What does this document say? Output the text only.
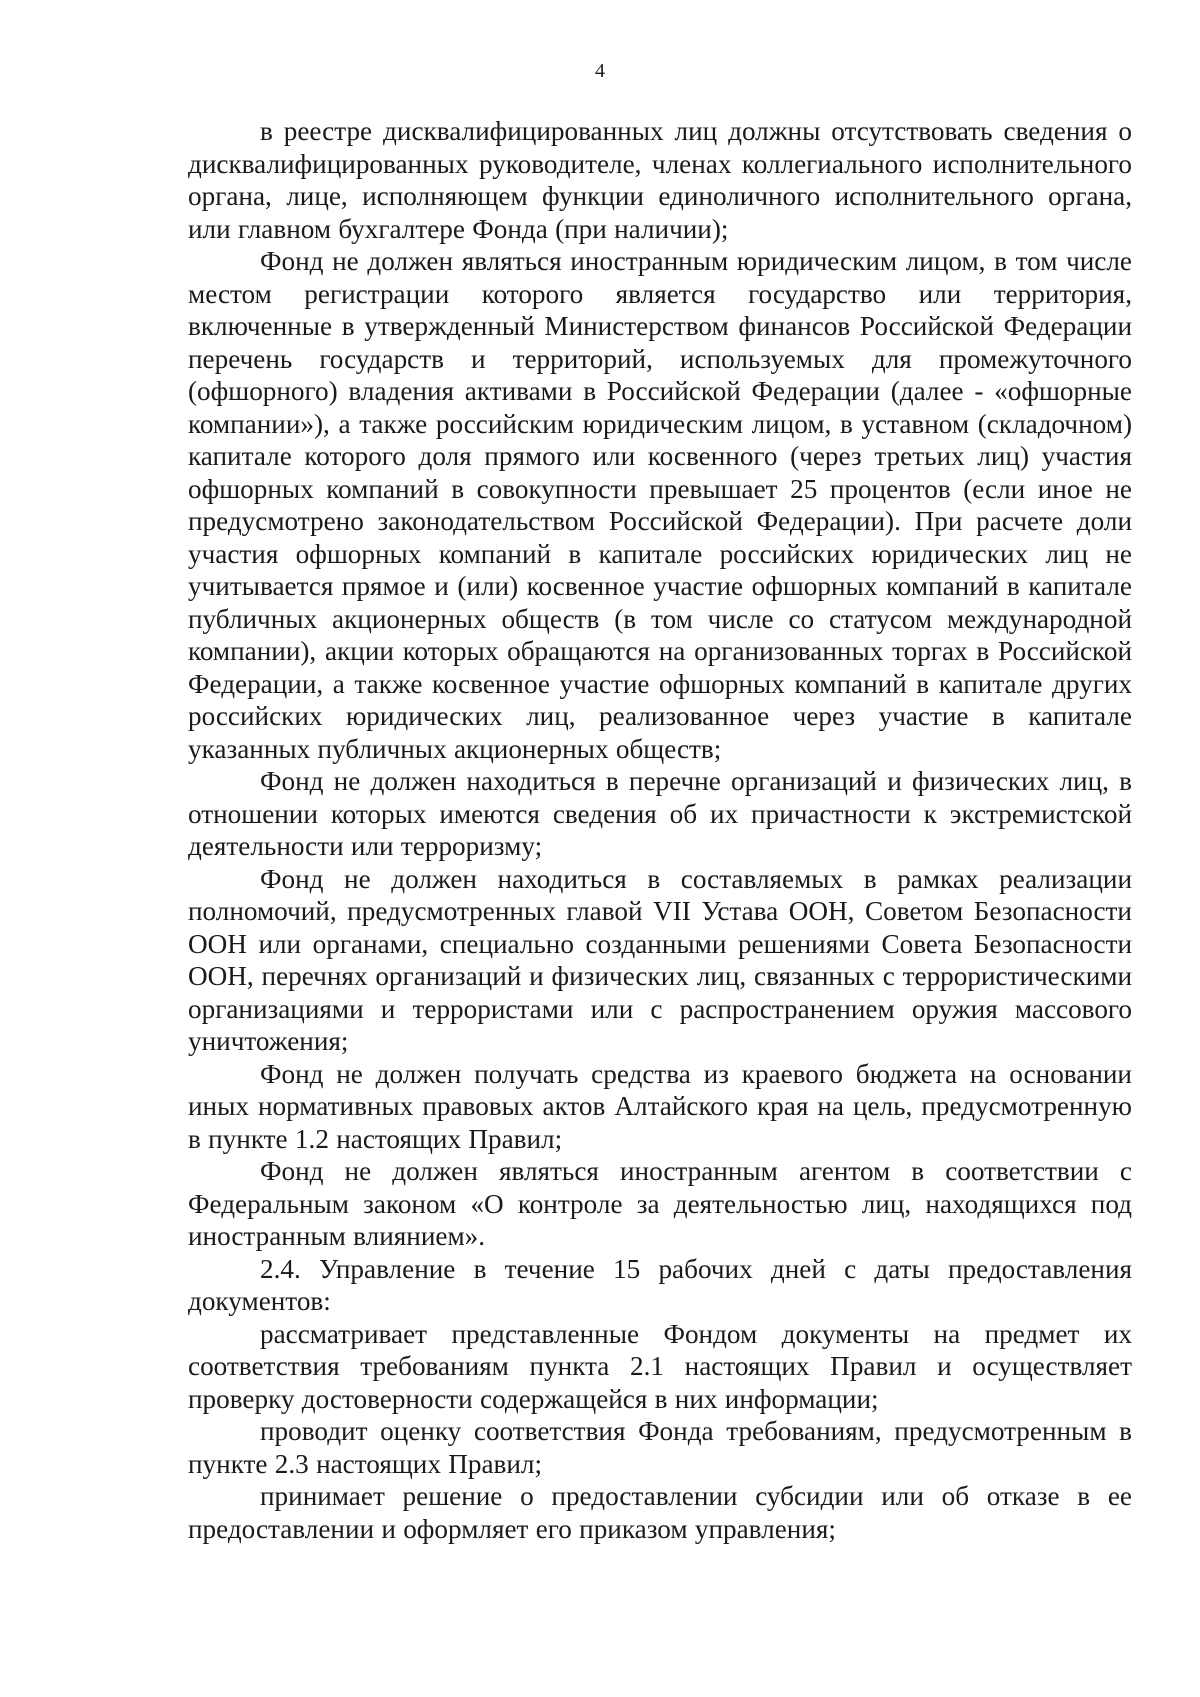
4

в реестре дисквалифицированных лиц должны отсутствовать сведения о дисквалифицированных руководителе, членах коллегиального исполнительного органа, лице, исполняющем функции единоличного исполнительного органа, или главном бухгалтере Фонда (при наличии);

Фонд не должен являться иностранным юридическим лицом, в том числе местом регистрации которого является государство или территория, включенные в утвержденный Министерством финансов Российской Федерации перечень государств и территорий, используемых для промежуточного (офшорного) владения активами в Российской Федерации (далее - «офшорные компании»), а также российским юридическим лицом, в уставном (складочном) капитале которого доля прямого или косвенного (через третьих лиц) участия офшорных компаний в совокупности превышает 25 процентов (если иное не предусмотрено законодательством Российской Федерации). При расчете доли участия офшорных компаний в капитале российских юридических лиц не учитывается прямое и (или) косвенное участие офшорных компаний в капитале публичных акционерных обществ (в том числе со статусом международной компании), акции которых обращаются на организованных торгах в Российской Федерации, а также косвенное участие офшорных компаний в капитале других российских юридических лиц, реализованное через участие в капитале указанных публичных акционерных обществ;

Фонд не должен находиться в перечне организаций и физических лиц, в отношении которых имеются сведения об их причастности к экстремистской деятельности или терроризму;

Фонд не должен находиться в составляемых в рамках реализации полномочий, предусмотренных главой VII Устава ООН, Советом Безопасности ООН или органами, специально созданными решениями Совета Безопасности ООН, перечнях организаций и физических лиц, связанных с террористическими организациями и террористами или с распространением оружия массового уничтожения;

Фонд не должен получать средства из краевого бюджета на основании иных нормативных правовых актов Алтайского края на цель, предусмотренную в пункте 1.2 настоящих Правил;

Фонд не должен являться иностранным агентом в соответствии с Федеральным законом «О контроле за деятельностью лиц, находящихся под иностранным влиянием».

2.4. Управление в течение 15 рабочих дней с даты предоставления документов:

рассматривает представленные Фондом документы на предмет их соответствия требованиям пункта 2.1 настоящих Правил и осуществляет проверку достоверности содержащейся в них информации;

проводит оценку соответствия Фонда требованиям, предусмотренным в пункте 2.3 настоящих Правил;

принимает решение о предоставлении субсидии или об отказе в ее предоставлении и оформляет его приказом управления;
